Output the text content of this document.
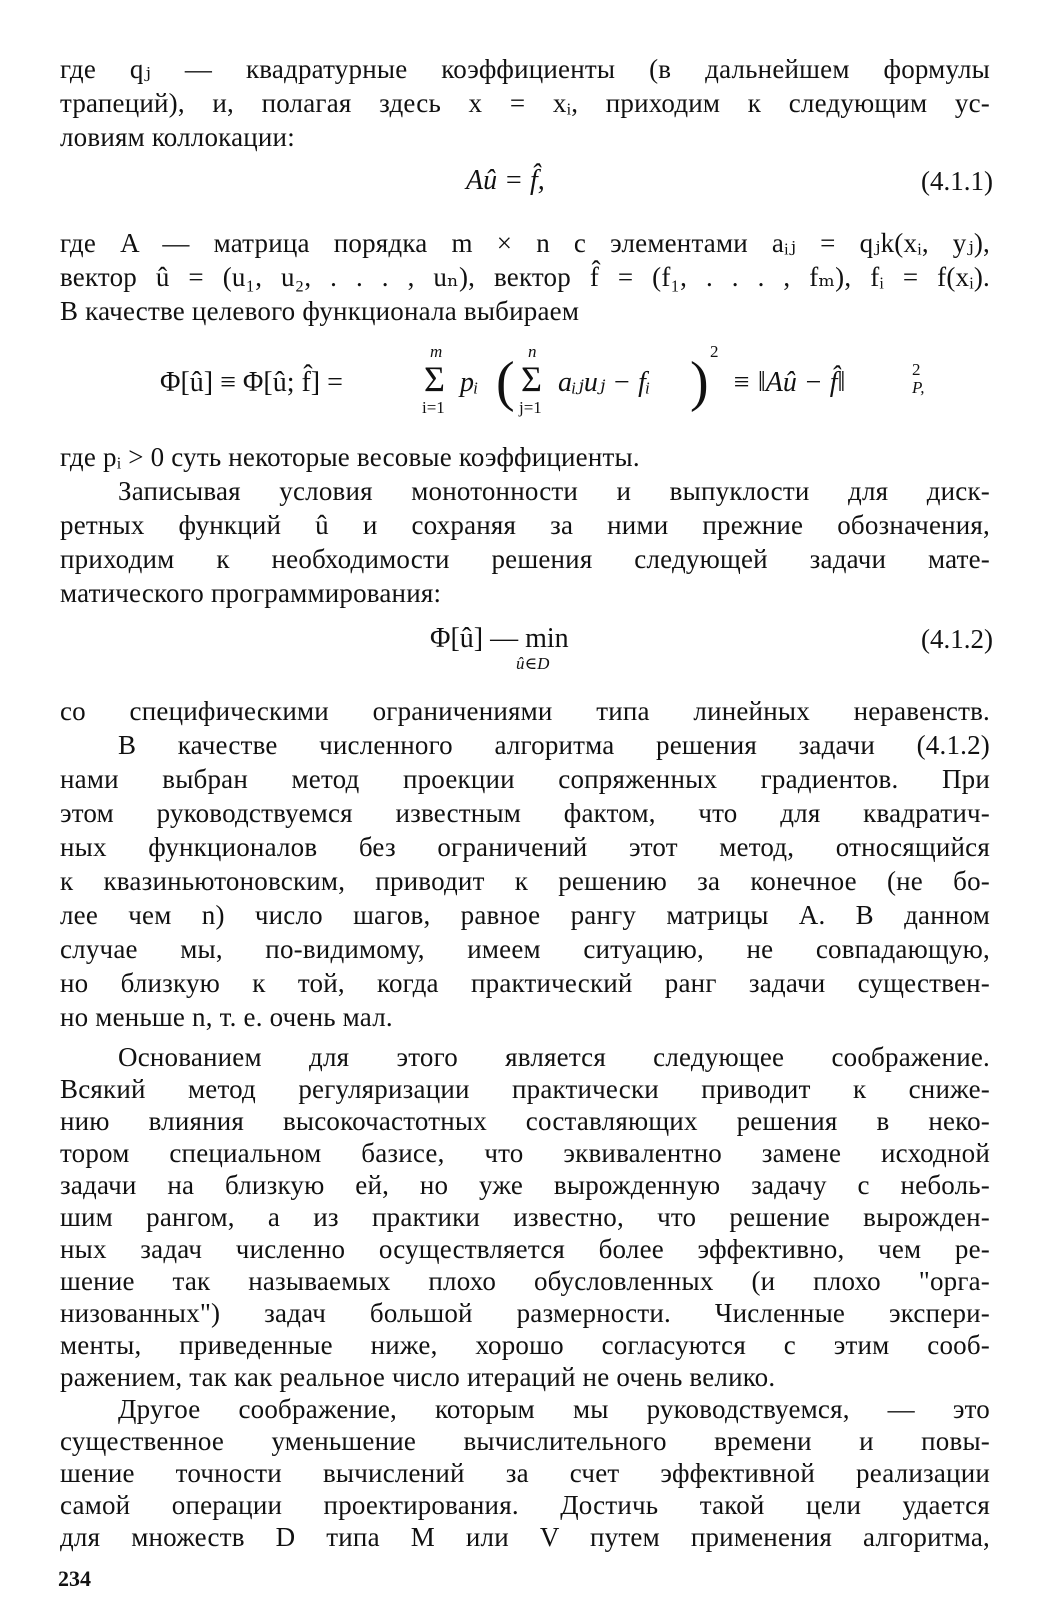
где qⱼ — квадратурные коэффициенты (в дальнейшем формулы
трапеций), и, полагая здесь x = xᵢ, приходим к следующим ус-
ловиям коллокации:
Aû = f̂,	(4.1.1)
где A — матрица порядка m × n с элементами aᵢⱼ = qⱼk(xᵢ, yⱼ),
вектор û = (u₁, u₂, . . . , uₙ), вектор f̂ = (f₁, . . . , fₘ), fᵢ = f(xᵢ).
В качестве целевого функционала выбираем
Φ[û] ≡ Φ[û; f̂] =
m
Σ
i=1
pᵢ ( n
Σ
j=1
aᵢⱼuⱼ − fᵢ ) 2
≡ ‖Aû − f̂‖	2
P,
где pᵢ > 0 суть некоторые весовые коэффициенты.
Записывая условия монотонности и выпуклости для диск-
ретных функций û и сохраняя за ними прежние обозначения,
приходим к необходимости решения следующей задачи мате-
матического программирования:
Φ[û] — min
û∈D
(4.1.2)
со специфическими ограничениями типа линейных неравенств.
В качестве численного алгоритма решения задачи (4.1.2)
нами выбран метод проекции сопряженных градиентов. При
этом руководствуемся известным фактом, что для квадратич-
ных функционалов без ограничений этот метод, относящийся
к квазиньютоновским, приводит к решению за конечное (не бо-
лее чем n) число шагов, равное рангу матрицы A. В данном
случае мы, по-видимому, имеем ситуацию, не совпадающую,
но близкую к той, когда практический ранг задачи существен-
но меньше n, т. е. очень мал.
Основанием для этого является следующее соображение.
Всякий метод регуляризации практически приводит к сниже-
нию влияния высокочастотных составляющих решения в неко-
тором специальном базисе, что эквивалентно замене исходной
задачи на близкую ей, но уже вырожденную задачу с неболь-
шим рангом, а из практики известно, что решение вырожден-
ных задач численно осуществляется более эффективно, чем ре-
шение так называемых плохо обусловленных (и плохо "орга-
низованных") задач большой размерности. Численные экспери-
менты, приведенные ниже, хорошо согласуются с этим сооб-
ражением, так как реальное число итераций не очень велико.
Другое соображение, которым мы руководствуемся, — это
существенное уменьшение вычислительного времени и повы-
шение точности вычислений за счет эффективной реализации
самой операции проектирования. Достичь такой цели удается
для множеств D типа M или V путем применения алгоритма,
234
